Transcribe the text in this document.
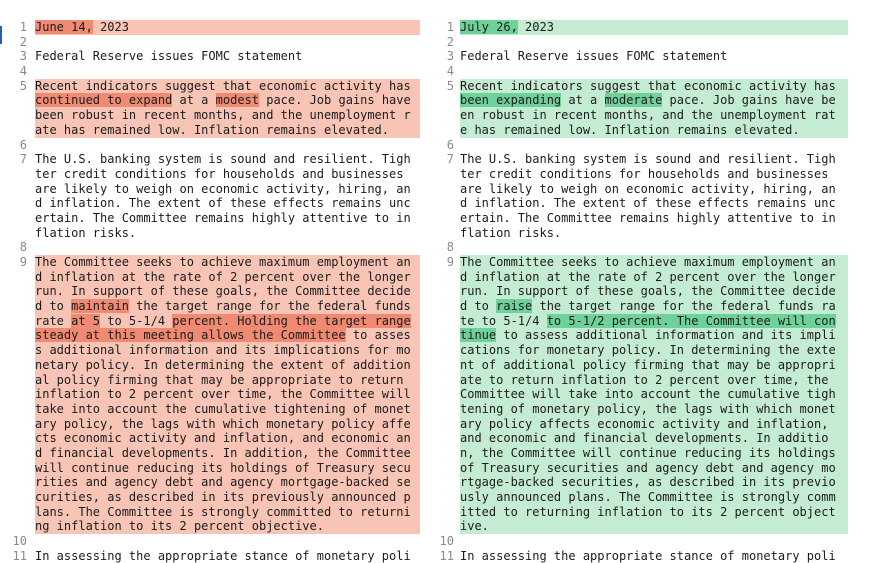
1 June 14, 2023
2
3 Federal Reserve issues FOMC statement
4
5 Recent indicators suggest that economic activity has
continued to expand at a modest pace. Job gains have
been robust in recent months, and the unemployment r
ate has remained low. Inflation remains elevated.
6
7 The U.S. banking system is sound and resilient. Tigh
ter credit conditions for households and businesses
are likely to weigh on economic activity, hiring, an
d inflation. The extent of these effects remains unc
ertain. The Committee remains highly attentive to in
flation risks.
8
9 The Committee seeks to achieve maximum employment an
d inflation at the rate of 2 percent over the longer
run. In support of these goals, the Committee decide
d to maintain the target range for the federal funds
rate at 5 to 5-1/4 percent. Holding the target range
steady at this meeting allows the Committee to asses
s additional information and its implications for mo
netary policy. In determining the extent of addition
al policy firming that may be appropriate to return
inflation to 2 percent over time, the Committee will
take into account the cumulative tightening of monet
ary policy, the lags with which monetary policy affe
cts economic activity and inflation, and economic an
d financial developments. In addition, the Committee
will continue reducing its holdings of Treasury secu
rities and agency debt and agency mortgage-backed se
curities, as described in its previously announced p
lans. The Committee is strongly committed to returni
ng inflation to its 2 percent objective.
10
11 In assessing the appropriate stance of monetary poli
1 July 26, 2023
2
3 Federal Reserve issues FOMC statement
4
5 Recent indicators suggest that economic activity has
been expanding at a moderate pace. Job gains have be
en robust in recent months, and the unemployment rat
e has remained low. Inflation remains elevated.
6
7 The U.S. banking system is sound and resilient. Tigh
ter credit conditions for households and businesses
are likely to weigh on economic activity, hiring, an
d inflation. The extent of these effects remains unc
ertain. The Committee remains highly attentive to in
flation risks.
8
9 The Committee seeks to achieve maximum employment an
d inflation at the rate of 2 percent over the longer
run. In support of these goals, the Committee decide
d to raise the target range for the federal funds ra
te to 5-1/4 to 5-1/2 percent. The Committee will con
tinue to assess additional information and its impli
cations for monetary policy. In determining the exte
nt of additional policy firming that may be appropri
ate to return inflation to 2 percent over time, the
Committee will take into account the cumulative tigh
tening of monetary policy, the lags with which monet
ary policy affects economic activity and inflation,
and economic and financial developments. In additio
n, the Committee will continue reducing its holdings
of Treasury securities and agency debt and agency mo
rtgage-backed securities, as described in its previo
usly announced plans. The Committee is strongly comm
itted to returning inflation to its 2 percent object
ive.
10
11 In assessing the appropriate stance of monetary poli
